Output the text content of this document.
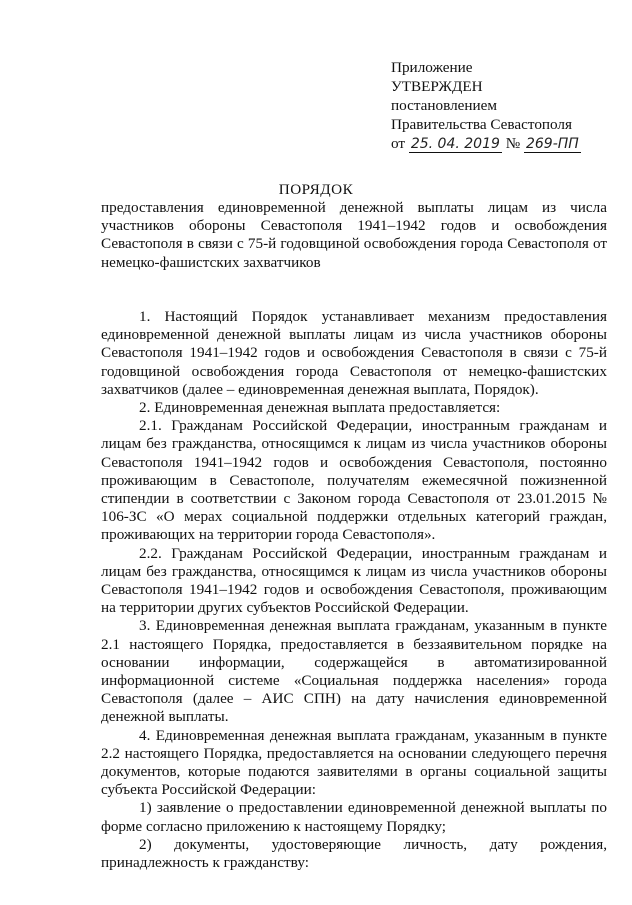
Приложение
УТВЕРЖДЕН
постановлением
Правительства Севастополя
от 25. 04. 2019 № 269-ПП
ПОРЯДОК
предоставления единовременной денежной выплаты лицам из числа участников обороны Севастополя 1941–1942 годов и освобождения Севастополя в связи с 75-й годовщиной освобождения города Севастополя от немецко-фашистских захватчиков

1. Настоящий Порядок устанавливает механизм предоставления единовременной денежной выплаты лицам из числа участников обороны Севастополя 1941–1942 годов и освобождения Севастополя в связи с 75-й годовщиной освобождения города Севастополя от немецко-фашистских захватчиков (далее – единовременная денежная выплата, Порядок).

2. Единовременная денежная выплата предоставляется:

2.1. Гражданам Российской Федерации, иностранным гражданам и лицам без гражданства, относящимся к лицам из числа участников обороны Севастополя 1941–1942 годов и освобождения Севастополя, постоянно проживающим в Севастополе, получателям ежемесячной пожизненной стипендии в соответствии с Законом города Севастополя от 23.01.2015 № 106-ЗС «О мерах социальной поддержки отдельных категорий граждан, проживающих на территории города Севастополя».

2.2. Гражданам Российской Федерации, иностранным гражданам и лицам без гражданства, относящимся к лицам из числа участников обороны Севастополя 1941–1942 годов и освобождения Севастополя, проживающим на территории других субъектов Российской Федерации.

3. Единовременная денежная выплата гражданам, указанным в пункте 2.1 настоящего Порядка, предоставляется в беззаявительном порядке на основании информации, содержащейся в автоматизированной информационной системе «Социальная поддержка населения» города Севастополя (далее – АИС СПН) на дату начисления единовременной денежной выплаты.

4. Единовременная денежная выплата гражданам, указанным в пункте 2.2 настоящего Порядка, предоставляется на основании следующего перечня документов, которые подаются заявителями в органы социальной защиты субъекта Российской Федерации:

1) заявление о предоставлении единовременной денежной выплаты по форме согласно приложению к настоящему Порядку;

2) документы, удостоверяющие личность, дату рождения, принадлежность к гражданству:
